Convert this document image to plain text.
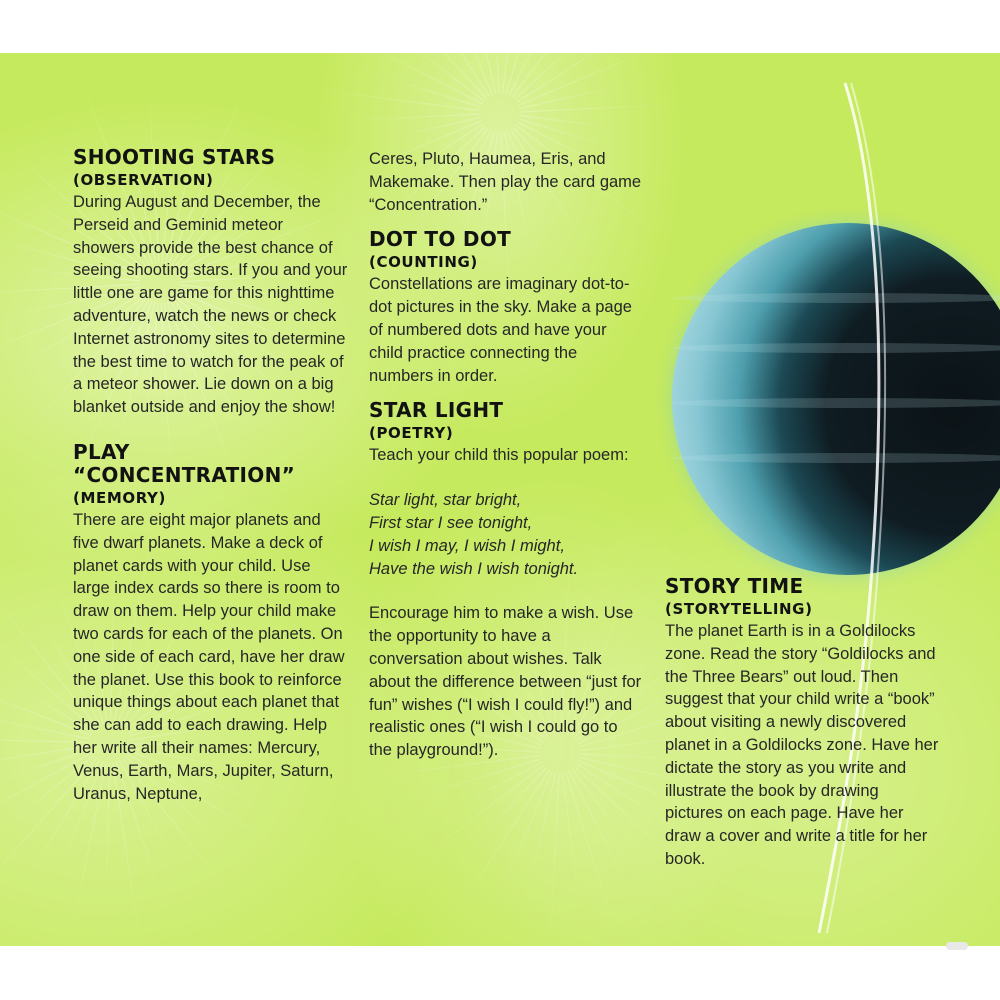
SHOOTING STARS
(OBSERVATION)

During August and December, the Perseid and Geminid meteor showers provide the best chance of seeing shooting stars. If you and your little one are game for this nighttime adventure, watch the news or check Internet astronomy sites to determine the best time to watch for the peak of a meteor shower. Lie down on a big blanket outside and enjoy the show!

PLAY
“CONCENTRATION”
(MEMORY)

There are eight major planets and five dwarf planets. Make a deck of planet cards with your child. Use large index cards so there is room to draw on them. Help your child make two cards for each of the planets. On one side of each card, have her draw the planet. Use this book to reinforce unique things about each planet that she can add to each drawing. Help her write all their names: Mercury, Venus, Earth, Mars, Jupiter, Saturn, Uranus, Neptune,

Ceres, Pluto, Haumea, Eris, and Makemake. Then play the card game “Concentration.”

DOT TO DOT
(COUNTING)

Constellations are imaginary dot-to-dot pictures in the sky. Make a page of numbered dots and have your child practice connecting the numbers in order.

STAR LIGHT
(POETRY)

Teach your child this popular poem:

Star light, star bright,
First star I see tonight,
I wish I may, I wish I might,
Have the wish I wish tonight.

Encourage him to make a wish. Use the opportunity to have a conversation about wishes. Talk about the difference between “just for fun” wishes (“I wish I could fly!”) and realistic ones (“I wish I could go to the playground!”).

STORY TIME
(STORYTELLING)

The planet Earth is in a Goldilocks zone. Read the story “Goldilocks and the Three Bears” out loud. Then suggest that your child write a “book” about visiting a newly discovered planet in a Goldilocks zone. Have her dictate the story as you write and illustrate the book by drawing pictures on each page. Have her draw a cover and write a title for her book.
